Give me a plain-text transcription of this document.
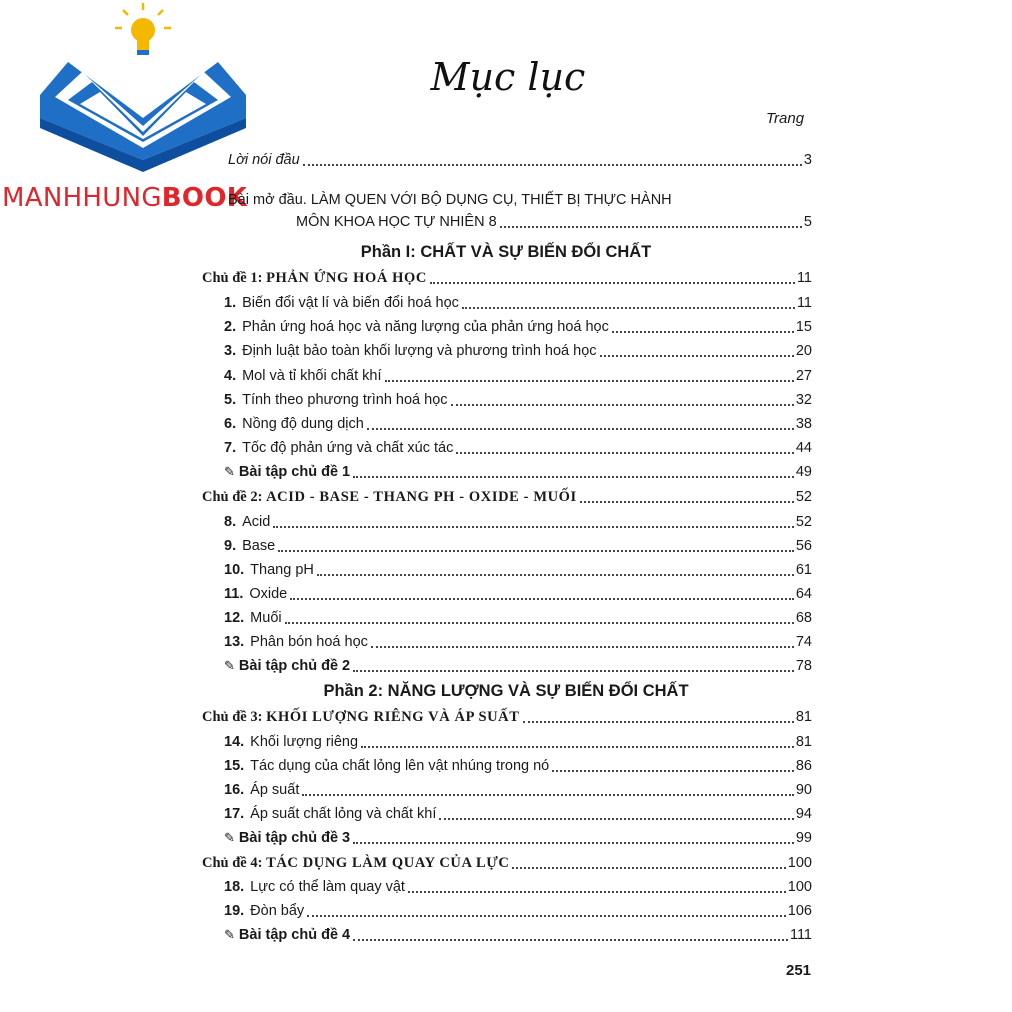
MANHHUNGBOOK
Mục lục
Trang
Lời nói đầu	3
Bài mở đầu. LÀM QUEN VỚI BỘ DỤNG CỤ, THIẾT BỊ THỰC HÀNH
MÔN KHOA HỌC TỰ NHIÊN 8	5
Phần I: CHẤT VÀ SỰ BIẾN ĐỔI CHẤT
Chủ đề 1: PHẢN ỨNG HOÁ HỌC	11
1. Biến đổi vật lí và biến đổi hoá học	11
2. Phản ứng hoá học và năng lượng của phản ứng hoá học	15
3. Định luật bảo toàn khối lượng và phương trình hoá học	20
4. Mol và tỉ khối chất khí	27
5. Tính theo phương trình hoá học	32
6. Nồng độ dung dịch	38
7. Tốc độ phản ứng và chất xúc tác	44
✎ Bài tập chủ đề 1	49
Chủ đề 2: ACID - BASE - THANG PH - OXIDE - MUỐI	52
8. Acid	52
9. Base	56
10. Thang pH	61
11. Oxide	64
12. Muối	68
13. Phân bón hoá học	74
✎ Bài tập chủ đề 2	78
Phần 2: NĂNG LƯỢNG VÀ SỰ BIẾN ĐỔI CHẤT
Chủ đề 3: KHỐI LƯỢNG RIÊNG VÀ ÁP SUẤT	81
14. Khối lượng riêng	81
15. Tác dụng của chất lỏng lên vật nhúng trong nó	86
16. Áp suất	90
17. Áp suất chất lỏng và chất khí	94
✎ Bài tập chủ đề 3	99
Chủ đề 4: TÁC DỤNG LÀM QUAY CỦA LỰC	100
18. Lực có thể làm quay vật	100
19. Đòn bẩy	106
✎ Bài tập chủ đề 4	111
251
